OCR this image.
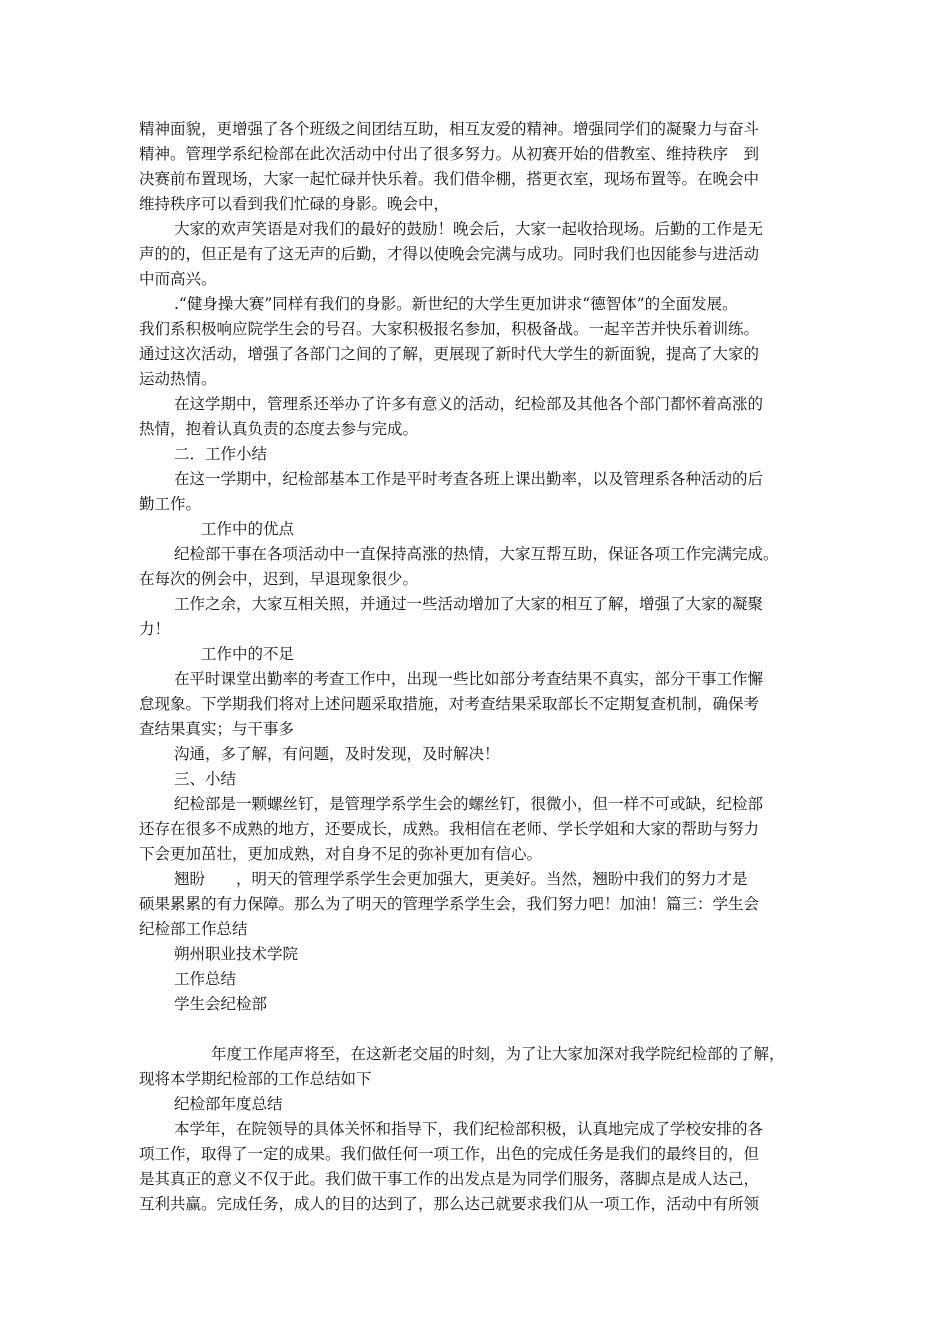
精神面貌，更增强了各个班级之间团结互助，相互友爱的精神。增强同学们的凝聚力与奋斗
精神。管理学系纪检部在此次活动中付出了很多努力。从初赛开始的借教室、维持秩序　到
决赛前布置现场，大家一起忙碌并快乐着。我们借伞棚，搭更衣室，现场布置等。在晚会中
维持秩序可以看到我们忙碌的身影。晚会中，
大家的欢声笑语是对我们的最好的鼓励！晚会后，大家一起收拾现场。后勤的工作是无
声的的，但正是有了这无声的后勤，才得以使晚会完满与成功。同时我们也因能参与进活动
中而高兴。
.“健身操大赛”同样有我们的身影。新世纪的大学生更加讲求“德智体”的全面发展。
我们系积极响应院学生会的号召。大家积极报名参加，积极备战。一起辛苦并快乐着训练。
通过这次活动，增强了各部门之间的了解，更展现了新时代大学生的新面貌，提高了大家的
运动热情。
在这学期中，管理系还举办了许多有意义的活动，纪检部及其他各个部门都怀着高涨的
热情，抱着认真负责的态度去参与完成。
二．工作小结
在这一学期中，纪检部基本工作是平时考查各班上课出勤率，以及管理系各种活动的后
勤工作。
工作中的优点
纪检部干事在各项活动中一直保持高涨的热情，大家互帮互助，保证各项工作完满完成。
在每次的例会中，迟到，早退现象很少。
工作之余，大家互相关照，并通过一些活动增加了大家的相互了解，增强了大家的凝聚
力！
工作中的不足
在平时课堂出勤率的考查工作中，出现一些比如部分考查结果不真实，部分干事工作懈
怠现象。下学期我们将对上述问题采取措施，对考查结果采取部长不定期复查机制，确保考
查结果真实；与干事多
沟通，多了解，有问题，及时发现，及时解决！
三、小结
纪检部是一颗螺丝钉，是管理学系学生会的螺丝钉，很微小，但一样不可或缺，纪检部
还存在很多不成熟的地方，还要成长，成熟。我相信在老师、学长学姐和大家的帮助与努力
下会更加茁壮，更加成熟，对自身不足的弥补更加有信心。
翘盼　　，明天的管理学系学生会更加强大，更美好。当然，翘盼中我们的努力才是
硕果累累的有力保障。那么为了明天的管理学系学生会，我们努力吧！加油！篇三：学生会
纪检部工作总结
朔州职业技术学院
工作总结
学生会纪检部
年度工作尾声将至，在这新老交届的时刻，为了让大家加深对我学院纪检部的了解，
现将本学期纪检部的工作总结如下
纪检部年度总结
本学年，在院领导的具体关怀和指导下，我们纪检部积极，认真地完成了学校安排的各
项工作，取得了一定的成果。我们做任何一项工作，出色的完成任务是我们的最终目的，但
是其真正的意义不仅于此。我们做干事工作的出发点是为同学们服务，落脚点是成人达己，
互利共赢。完成任务，成人的目的达到了，那么达己就要求我们从一项工作，活动中有所领
